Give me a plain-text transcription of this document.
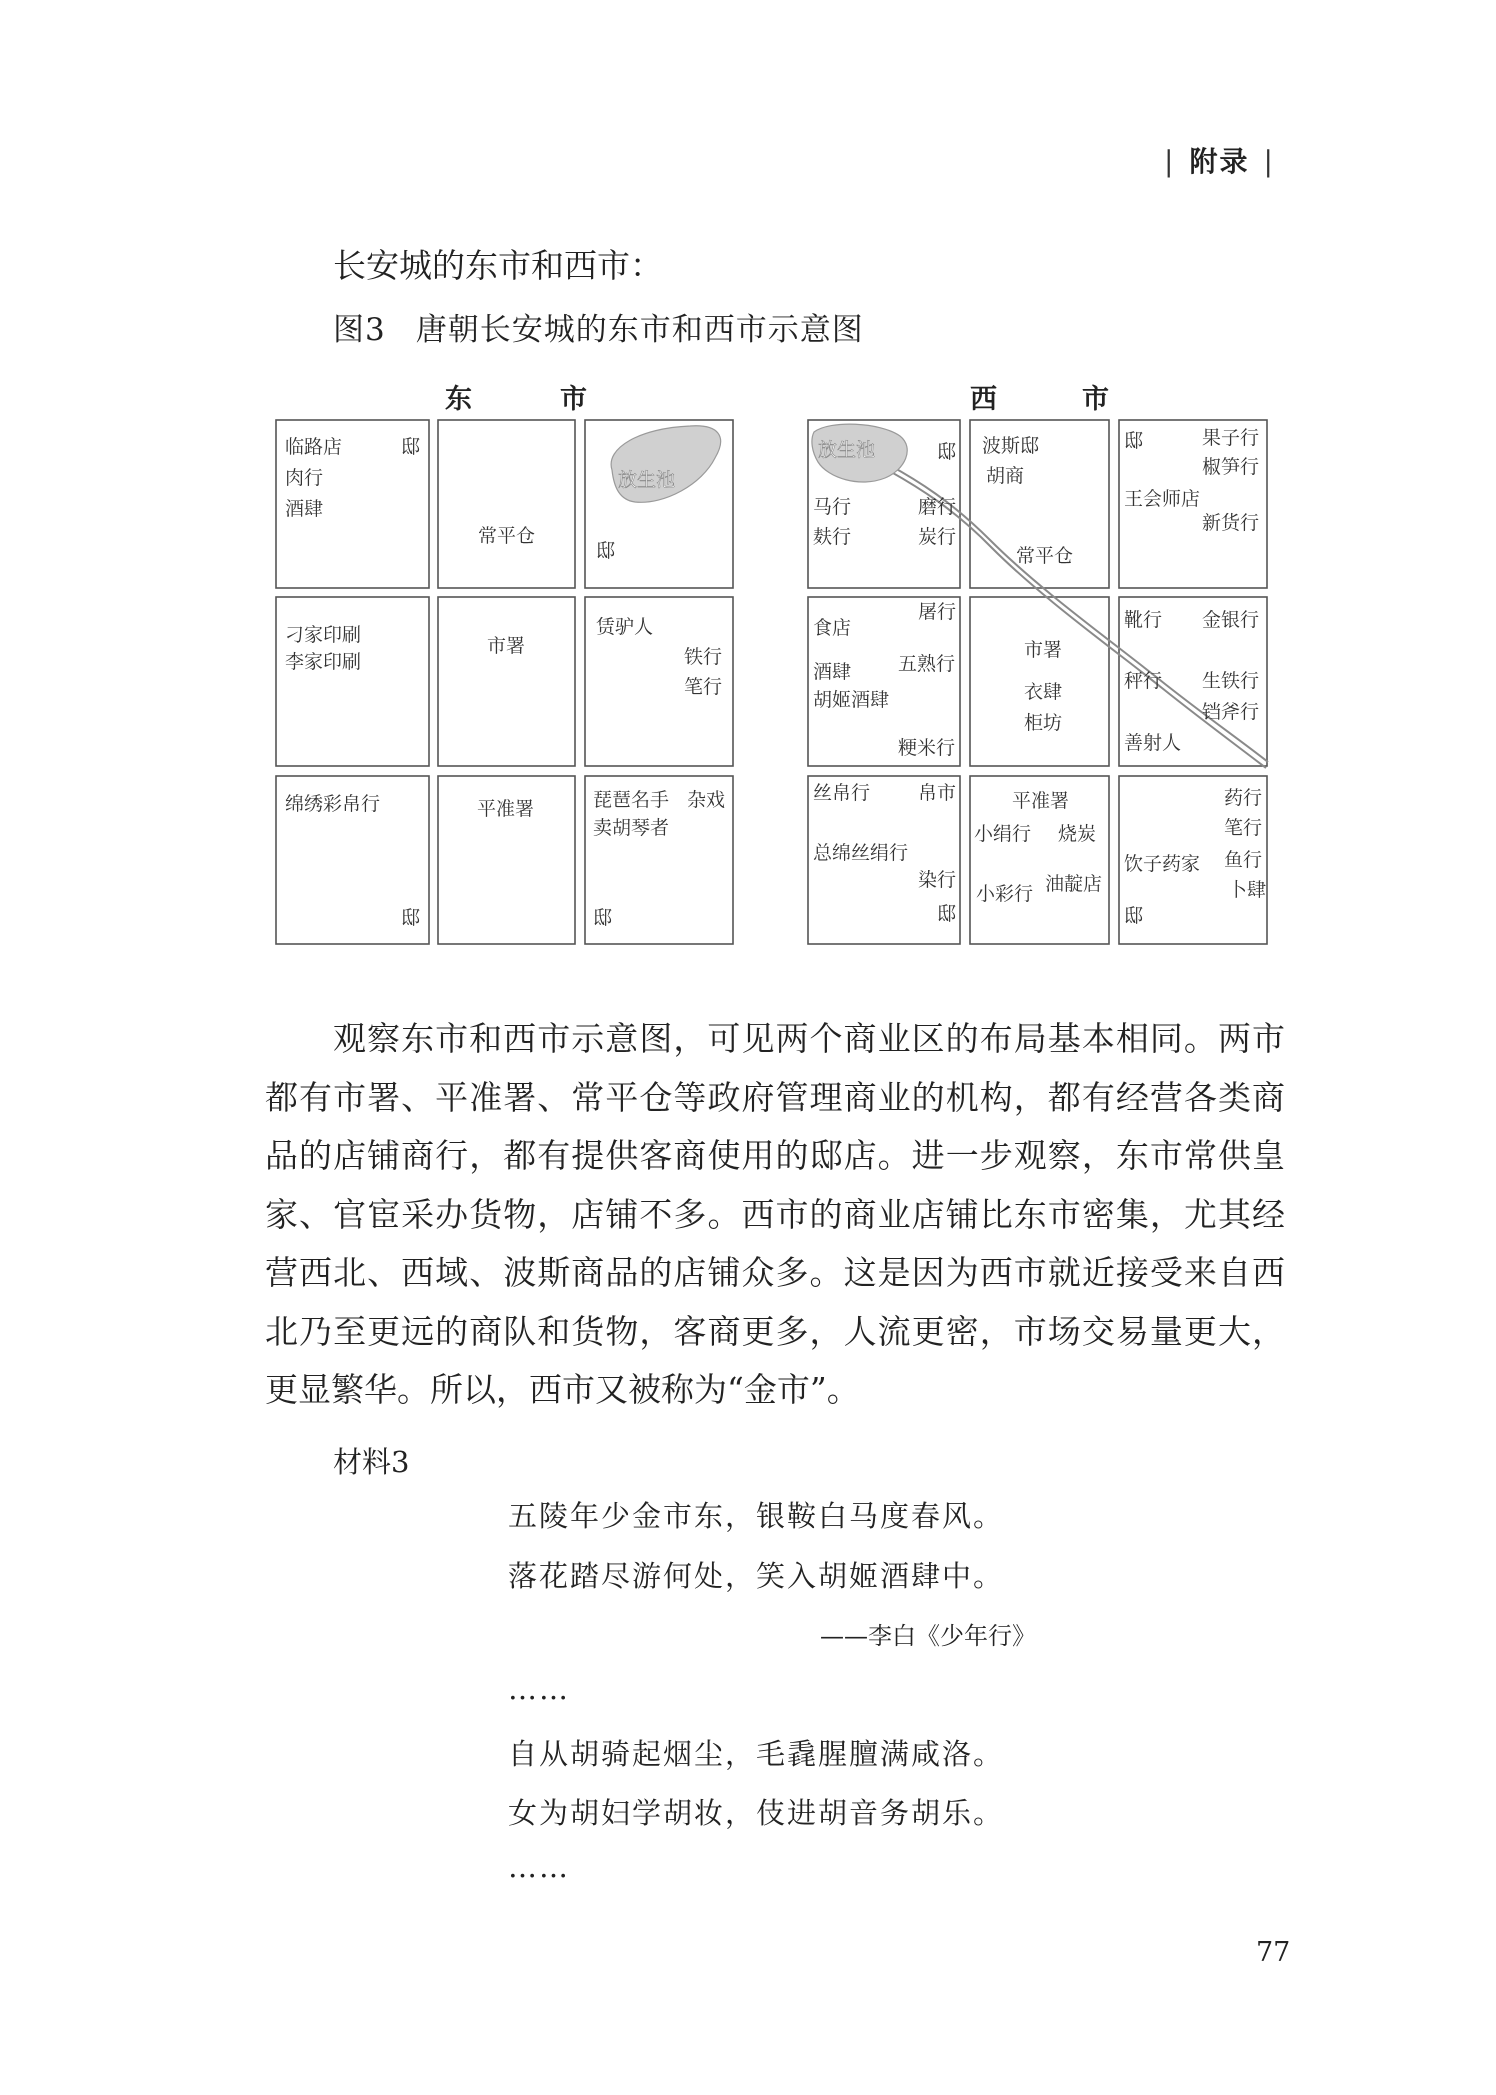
| 附录 |
长安城的东市和西市：
图3 唐朝长安城的东市和西市示意图
东	市
放生池
临路店	邸
肉行
酒肆
常平仓
邸
刁家印刷
李家印刷
市署
赁驴人
铁行
笔行
绵绣彩帛行
邸
平准署	琵琶名手 杂戏
卖胡琴者
邸
西	市
放生池	邸
马行	磨行
麸行	炭行
波斯邸
胡商
常平仓
邸	果子行
椒笋行
王会师店
新货行
屠行
食店
酒肆 五熟行
胡姬酒肆
粳米行
市署
衣肆
柜坊
靴行 金银行
秤行 生铁行
铛斧行
善射人
丝帛行	帛市
总绵丝绢行
染行
邸
平准署
小绢行 烧炭
小彩行 油靛店
药行
笔行
饮子药家 鱼行
卜肆
邸

观察东市和西市示意图，可见两个商业区的布局基本相同。两市都有市署、平准署、常平仓等政府管理商业的机构，都有经营各类商品的店铺商行，都有提供客商使用的邸店。进一步观察，东市常供皇家、官宦采办货物，店铺不多。西市的商业店铺比东市密集，尤其经营西北、西域、波斯商品的店铺众多。这是因为西市就近接受来自西北乃至更远的商队和货物，客商更多，人流更密，市场交易量更大，更显繁华。所以，西市又被称为“金市”。

材料3
五陵年少金市东，银鞍白马度春风。
落花踏尽游何处，笑入胡姬酒肆中。
——李白《少年行》
……
自从胡骑起烟尘，毛毳腥膻满咸洛。
女为胡妇学胡妆，伎进胡音务胡乐。
……
77
